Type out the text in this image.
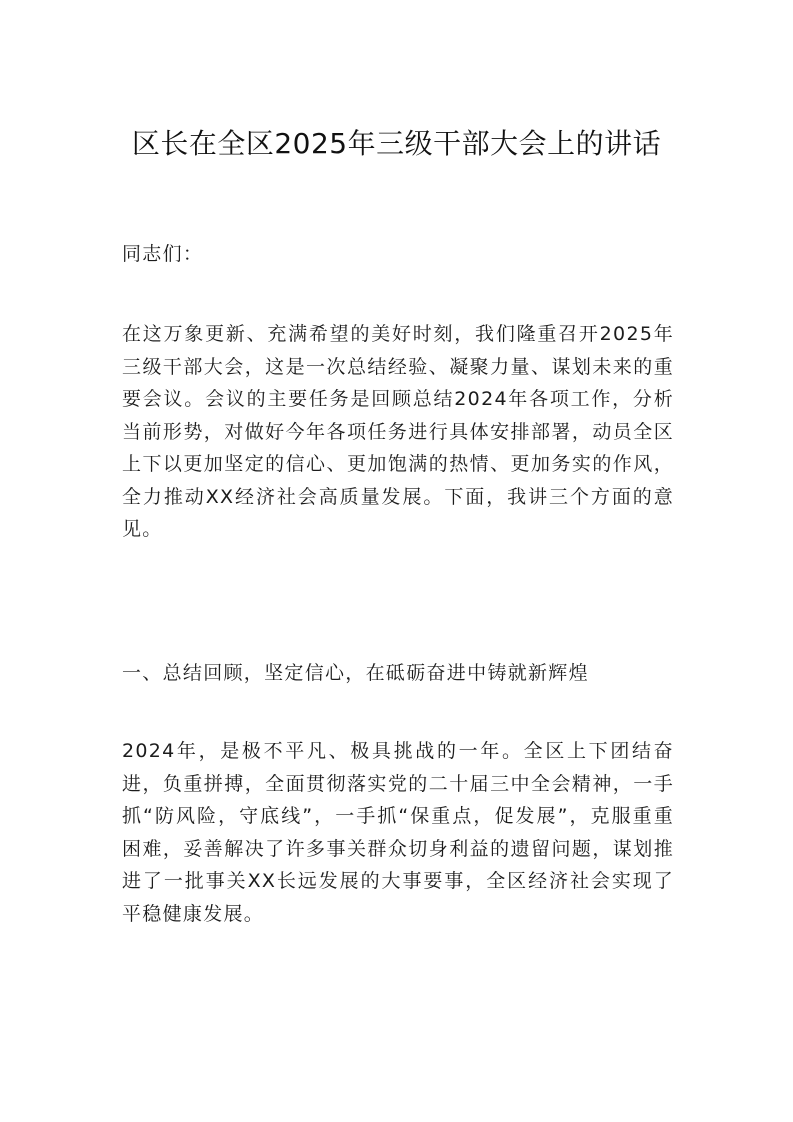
区长在全区2025年三级干部大会上的讲话

同志们：

在这万象更新、充满希望的美好时刻，我们隆重召开2025年三级干部大会，这是一次总结经验、凝聚力量、谋划未来的重要会议。会议的主要任务是回顾总结2024年各项工作，分析当前形势，对做好今年各项任务进行具体安排部署，动员全区上下以更加坚定的信心、更加饱满的热情、更加务实的作风，全力推动XX经济社会高质量发展。下面，我讲三个方面的意见。

一、总结回顾，坚定信心，在砥砺奋进中铸就新辉煌

2024年，是极不平凡、极具挑战的一年。全区上下团结奋进，负重拼搏，全面贯彻落实党的二十届三中全会精神，一手抓“防风险，守底线”，一手抓“保重点，促发展”，克服重重困难，妥善解决了许多事关群众切身利益的遗留问题，谋划推进了一批事关XX长远发展的大事要事，全区经济社会实现了平稳健康发展。
